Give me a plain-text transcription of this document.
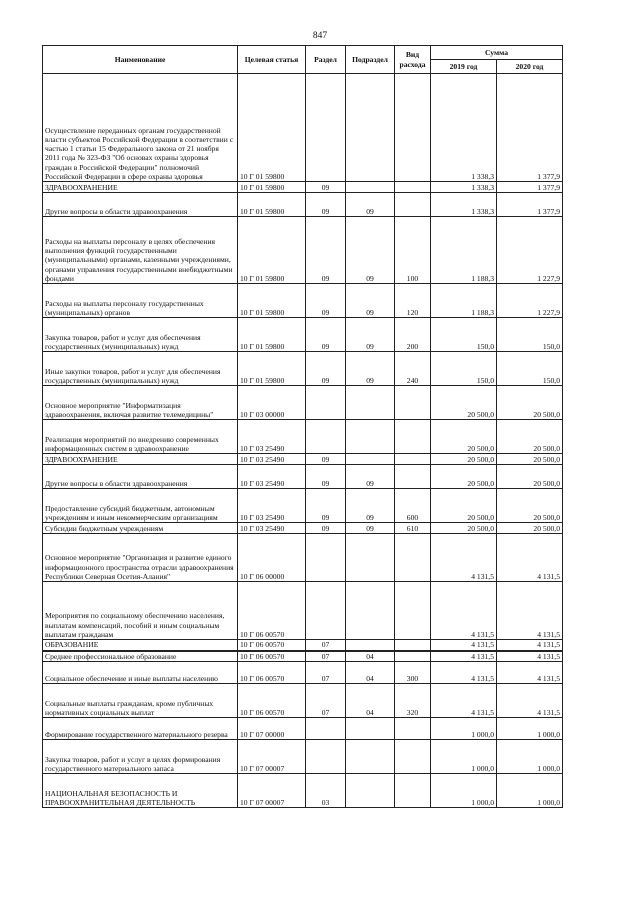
847
Наименование	Целевая статья	Раздел	Подраздел	Вид расхода	Сумма	
					2019 год	2020 год
Осуществление переданных органам государственной власти субъектов Российской Федерации в соответствии с частью 1 статьи 15 Федерального закона от 21 ноября 2011 года № 323-ФЗ "Об основах охраны здоровья граждан в Российской Федерации" полномочий Российской Федерации в сфере охраны здоровья	10 Г 01 59800				1 338,3	1 377,9
ЗДРАВООХРАНЕНИЕ	10 Г 01 59800	09			1 338,3	1 377,9
Другие вопросы в области здравоохранения	10 Г 01 59800	09	09		1 338,3	1 377,9
Расходы на выплаты персоналу в целях обеспечения выполнения функций государственными (муниципальными) органами, казенными учреждениями, органами управления государственными внебюджетными фондами	10 Г 01 59800	09	09	100	1 188,3	1 227,9
Расходы на выплаты персоналу государственных (муниципальных) органов	10 Г 01 59800	09	09	120	1 188,3	1 227,9
Закупка товаров, работ и услуг для обеспечения государственных (муниципальных) нужд	10 Г 01 59800	09	09	200	150,0	150,0
Иные закупки товаров, работ и услуг для обеспечения государственных (муниципальных) нужд	10 Г 01 59800	09	09	240	150,0	150,0
Основное мероприятие "Информатизация здравоохранения, включая развитие телемедицины"	10 Г 03 00000				20 500,0	20 500,0
Реализация мероприятий по внедрению современных информационных систем в здравоохранение	10 Г 03 25490				20 500,0	20 500,0
ЗДРАВООХРАНЕНИЕ	10 Г 03 25490	09			20 500,0	20 500,0
Другие вопросы в области здравоохранения	10 Г 03 25490	09	09		20 500,0	20 500,0
Предоставление субсидий бюджетным, автономным учреждениям и иным некоммерческим организациям	10 Г 03 25490	09	09	600	20 500,0	20 500,0
Субсидии бюджетным учреждениям	10 Г 03 25490	09	09	610	20 500,0	20 500,0
Основное мероприятие "Организация и развитие единого информационного пространства отрасли здравоохранения Республики Северная Осетия-Алания"	10 Г 06 00000				4 131,5	4 131,5
Мероприятия по социальному обеспечению населения, выплатам компенсаций, пособий и иным социальным выплатам гражданам	10 Г 06 00570				4 131,5	4 131,5
ОБРАЗОВАНИЕ	10 Г 06 00570	07			4 131,5	4 131,5
Среднее профессиональное образование	10 Г 06 00570	07	04		4 131,5	4 131,5
Социальное обеспечение и иные выплаты населению	10 Г 06 00570	07	04	300	4 131,5	4 131,5
Социальные выплаты гражданам, кроме публичных нормативных социальных выплат	10 Г 06 00570	07	04	320	4 131,5	4 131,5
Формирование государственного материального резерва	10 Г 07 00000				1 000,0	1 000,0
Закупка товаров, работ и услуг в целях формирования государственного материального запаса	10 Г 07 00007				1 000,0	1 000,0
НАЦИОНАЛЬНАЯ БЕЗОПАСНОСТЬ И ПРАВООХРАНИТЕЛЬНАЯ ДЕЯТЕЛЬНОСТЬ	10 Г 07 00007	03			1 000,0	1 000,0
